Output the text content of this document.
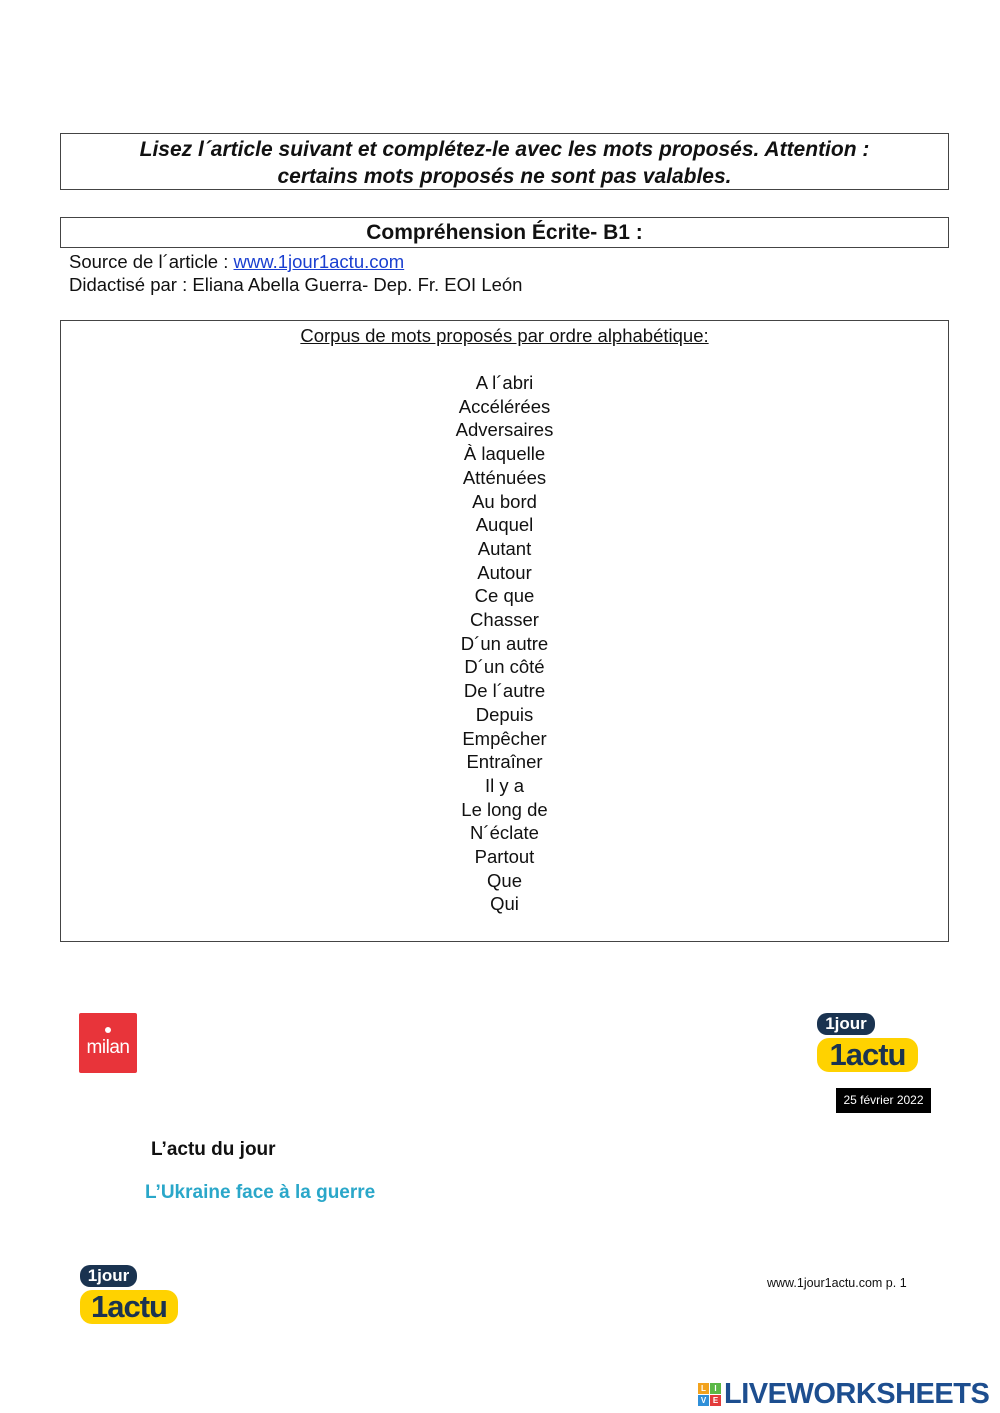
Lisez l´article suivant et complétez-le avec les mots proposés. Attention :
certains mots proposés ne sont pas valables.
Compréhension Écrite- B1 :
Source de l´article : www.1jour1actu.com
Didactisé par : Eliana Abella Guerra- Dep. Fr. EOI León
Corpus de mots proposés par ordre alphabétique:
A l´abri
Accélérées
Adversaires
À laquelle
Atténuées
Au bord
Auquel
Autant
Autour
Ce que
Chasser
D´un autre
D´un côté
De l´autre
Depuis
Empêcher
Entraîner
Il y a
Le long de
N´éclate
Partout
Que
Qui
milan
1jour
1actu
25 février 2022
L’actu du jour
L’Ukraine face à la guerre
1jour
1actu
www.1jour1actu.com p. 1
L	I
V E LIVEWORKSHEETS
